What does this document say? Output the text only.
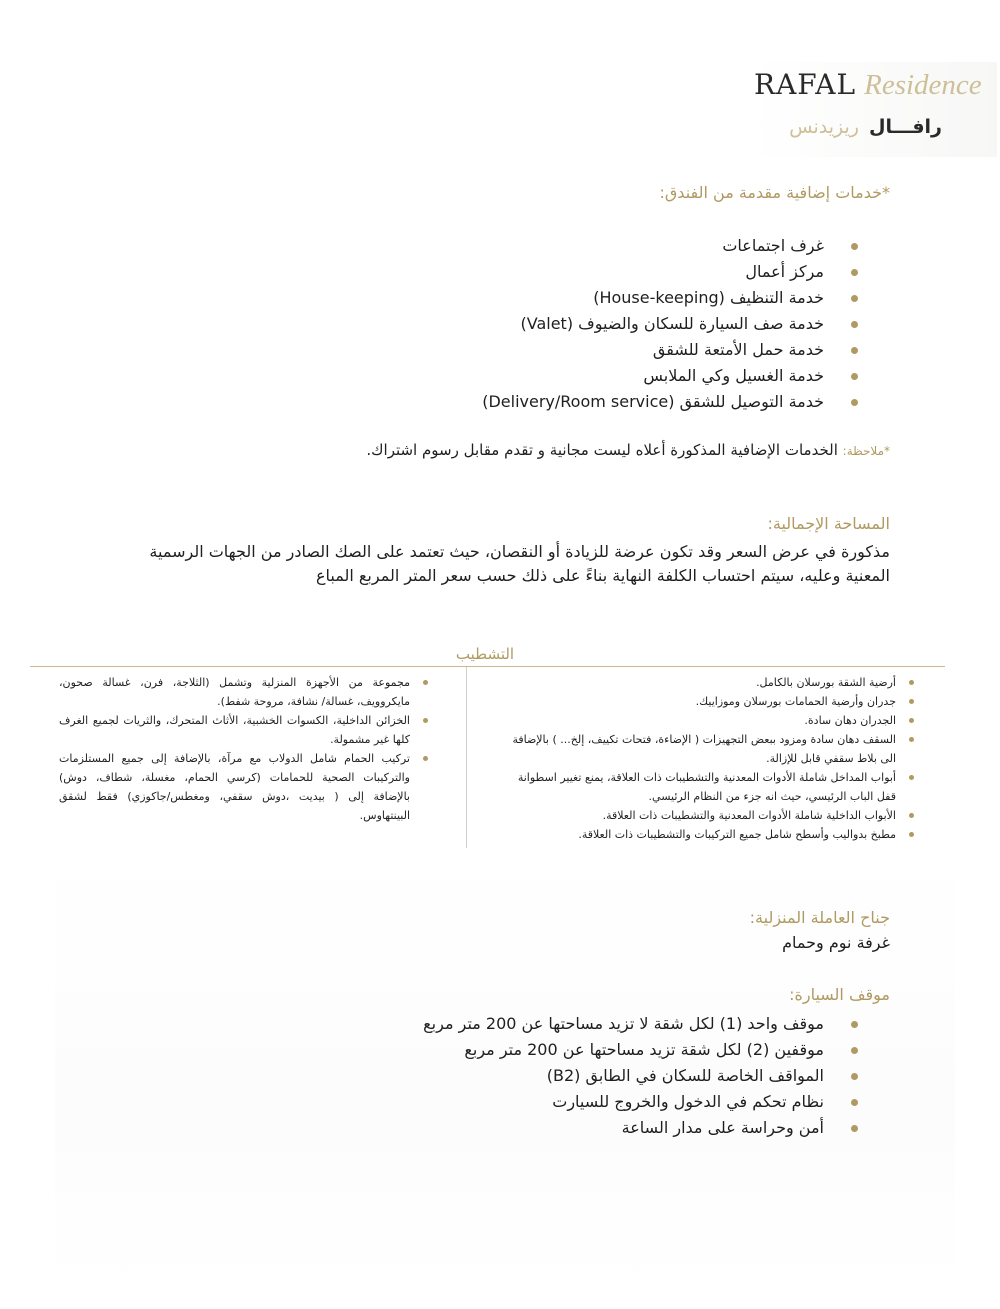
RAFAL Residence
رافـــال ريزيدنس
*خدمات إضافية مقدمة من الفندق:
غرف اجتماعات
مركز أعمال
خدمة التنظيف (House-keeping)
خدمة صف السيارة للسكان والضيوف (Valet)
خدمة حمل الأمتعة للشقق
خدمة الغسيل وكي الملابس
خدمة التوصيل للشقق (Delivery/Room service)
*ملاحظة: الخدمات الإضافية المذكورة أعلاه ليست مجانية و تقدم مقابل رسوم اشتراك.
المساحة الإجمالية:
مذكورة في عرض السعر وقد تكون عرضة للزيادة أو النقصان، حيث تعتمد على الصك الصادر من الجهات الرسمية المعنية وعليه، سيتم احتساب الكلفة النهاية بناءً على ذلك حسب سعر المتر المربع المباع
التشطيب
أرضية الشقة بورسلان بالكامل.
جدران وأرضية الحمامات بورسلان وموزاييك.
الجدران دهان سادة.
السقف دهان سادة ومزود ببعض التجهيزات ( الإضاءة، فتحات تكييف، إلخ... ) بالإضافة الى بلاط سقفي قابل للإزالة.
أبواب المداخل شاملة الأدوات المعدنية والتشطيبات ذات العلاقة، يمنع تغيير اسطوانة قفل الباب الرئيسي، حيث انه جزء من النظام الرئيسي.
الأبواب الداخلية شاملة الأدوات المعدنية والتشطيبات ذات العلاقة.
مطبخ بدواليب وأسطح شامل جميع التركيبات والتشطيبات ذات العلاقة.
مجموعة من الأجهزة المنزلية وتشمل (الثلاجة، فرن، غسالة صحون، مايكروويف، غسالة/ نشافة، مروحة شفط).
الخزائن الداخلية، الكسوات الخشبية، الأثاث المتحرك، والثريات لجميع الغرف كلها غير مشمولة.
تركيب الحمام شامل الدولاب مع مرآة، بالإضافة إلى جميع المستلزمات والتركيبات الصحية للحمامات (كرسي الحمام، مغسلة، شطاف، دوش) بالإضافة إلى ( بيديت ،دوش سقفي، ومغطس/جاكوزي) فقط لشقق البينتهاوس.
جناح العاملة المنزلية:
غرفة نوم وحمام
موقف السيارة:
موقف واحد (1) لكل شقة لا تزيد مساحتها عن 200 متر مربع
موقفين (2) لكل شقة تزيد مساحتها عن 200 متر مربع
المواقف الخاصة للسكان في الطابق (B2)
نظام تحكم في الدخول والخروج للسيارت
أمن وحراسة على مدار الساعة
